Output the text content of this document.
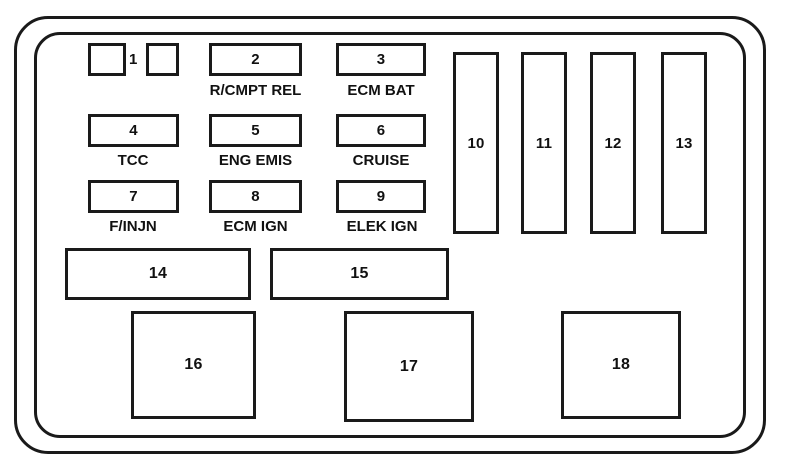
1	2
R/CMPT REL
3
ECM BAT
4
TCC
5
ENG EMIS
6
CRUISE
7
F/INJN
8
ECM IGN
9
ELEK IGN
10	11	12	13
14	15
16	17	18
